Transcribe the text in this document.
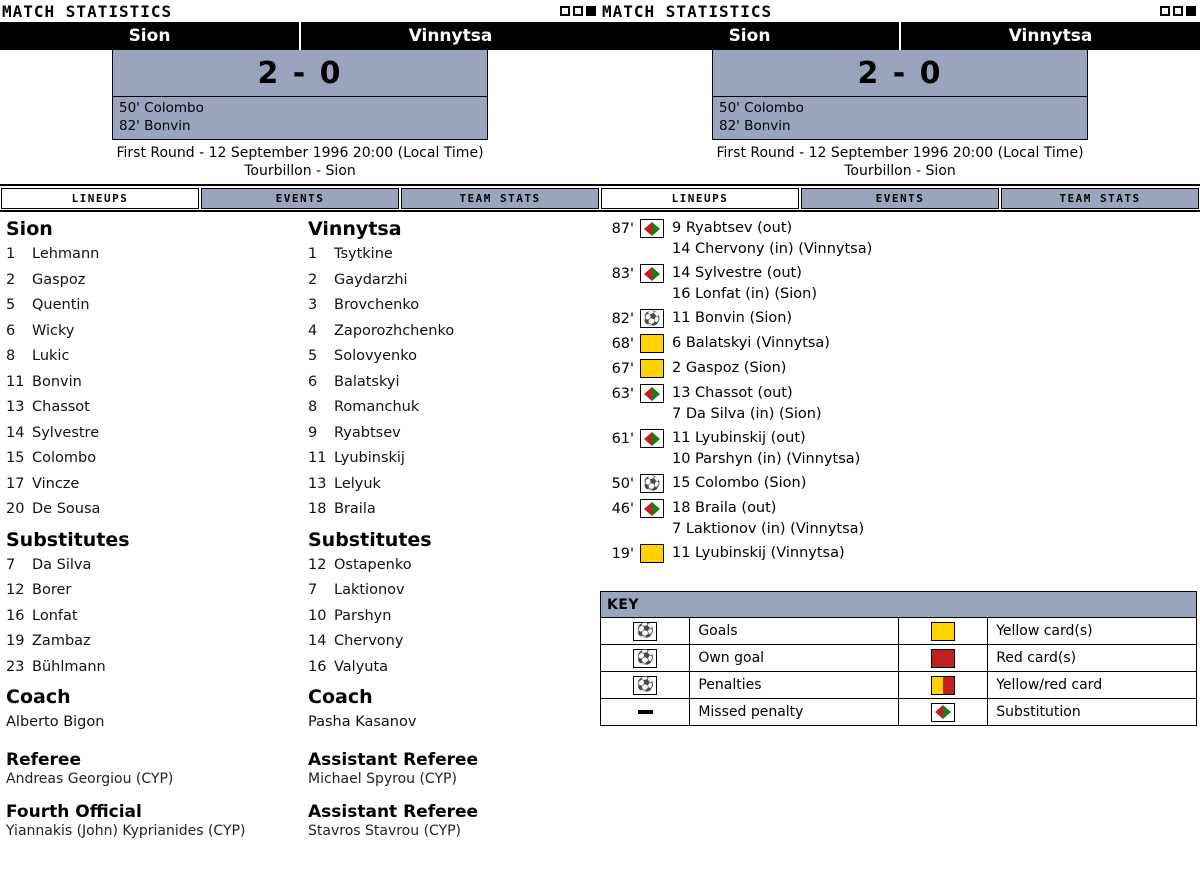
MATCH STATISTICS
Sion	Vinnytsa
2 - 0
50' Colombo
82' Bonvin
First Round - 12 September 1996 20:00 (Local Time)
Tourbillon - Sion
LINEUPS	EVENTS	TEAM STATS
Sion
1	Lehmann
2	Gaspoz
5	Quentin
6	Wicky
8	Lukic
11 Bonvin
13 Chassot
14 Sylvestre
15 Colombo
17 Vincze
20 De Sousa
Substitutes
7	Da Silva
12 Borer
16 Lonfat
19 Zambaz
23 Bühlmann
Coach
Alberto Bigon
Referee
Andreas Georgiou (CYP)
Fourth Official
Yiannakis (John) Kyprianides (CYP)
Vinnytsa
1	Tsytkine
2	Gaydarzhi
3	Brovchenko
4	Zaporozhchenko
5	Solovyenko
6	Balatskyi
8	Romanchuk
9	Ryabtsev
11 Lyubinskij
13 Lelyuk
18 Braila
Substitutes
12 Ostapenko
7	Laktionov
10 Parshyn
14 Chervony
16 Valyuta
Coach
Pasha Kasanov
Assistant Referee
Michael Spyrou (CYP)
Assistant Referee
Stavros Stavrou (CYP)
MATCH STATISTICS
Sion	Vinnytsa
2 - 0
50' Colombo
82' Bonvin
First Round - 12 September 1996 20:00 (Local Time)
Tourbillon - Sion
LINEUPS	EVENTS	TEAM STATS
87'	9 Ryabtsev (out)
14 Chervony (in) (Vinnytsa)
83'	14 Sylvestre (out)
16 Lonfat (in) (Sion)
82' ⚽ 11 Bonvin (Sion)
68'	6 Balatskyi (Vinnytsa)
67'	2 Gaspoz (Sion)
63'	13 Chassot (out)
7 Da Silva (in) (Sion)
61'	11 Lyubinskij (out)
10 Parshyn (in) (Vinnytsa)
50' ⚽ 15 Colombo (Sion)
46'	18 Braila (out)
7 Laktionov (in) (Vinnytsa)
19'	11 Lyubinskij (Vinnytsa)
KEY			

⚽	Goals		Yellow card(s)

⚽	Own goal		Red card(s)

⚽	Penalties		Yellow/red card

	Missed penalty		Substitution
